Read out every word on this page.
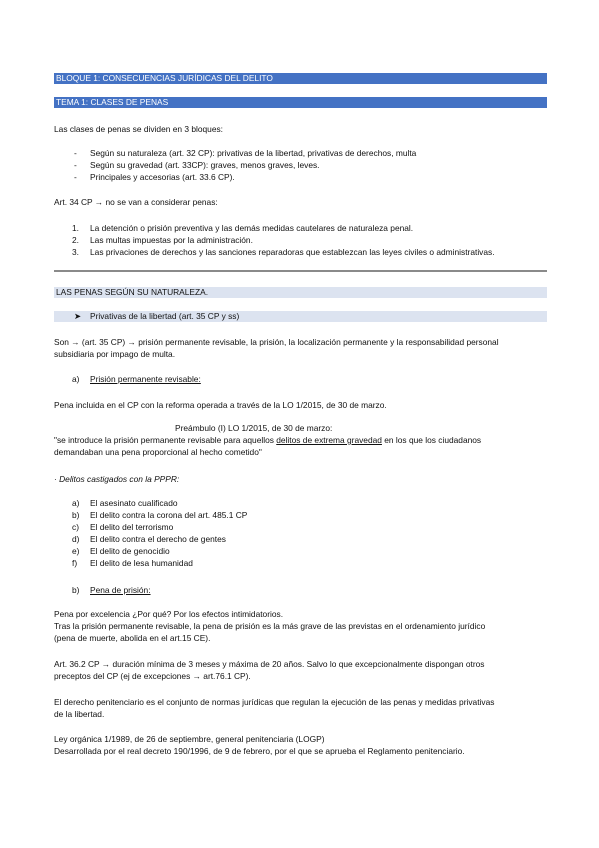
BLOQUE 1: CONSECUENCIAS JURÍDICAS DEL DELITO
TEMA 1: CLASES DE PENAS
Las clases de penas se dividen en 3 bloques:
- Según su naturaleza (art. 32 CP): privativas de la libertad, privativas de derechos, multa
- Según su gravedad (art. 33CP): graves, menos graves, leves.
- Principales y accesorias (art. 33.6 CP).
Art. 34 CP → no se van a considerar penas:
1. La detención o prisión preventiva y las demás medidas cautelares de naturaleza penal.
2. Las multas impuestas por la administración.
3. Las privaciones de derechos y las sanciones reparadoras que establezcan las leyes civiles o administrativas.
LAS PENAS SEGÚN SU NATURALEZA.
➤ Privativas de la libertad (art. 35 CP y ss)
Son → (art. 35 CP) → prisión permanente revisable, la prisión, la localización permanente y la responsabilidad personal
subsidiaria por impago de multa.
a) Prisión permanente revisable:
Pena incluida en el CP con la reforma operada a través de la LO 1/2015, de 30 de marzo.
Preámbulo (I) LO 1/2015, de 30 de marzo:
"se introduce la prisión permanente revisable para aquellos delitos de extrema gravedad en los que los ciudadanos
demandaban una pena proporcional al hecho cometido"
· Delitos castigados con la PPPR:
a) El asesinato cualificado
b) El delito contra la corona del art. 485.1 CP
c) El delito del terrorismo
d) El delito contra el derecho de gentes
e) El delito de genocidio
f) El delito de lesa humanidad
b) Pena de prisión:
Pena por excelencia ¿Por qué? Por los efectos intimidatorios.
Tras la prisión permanente revisable, la pena de prisión es la más grave de las previstas en el ordenamiento jurídico
(pena de muerte, abolida en el art.15 CE).
Art. 36.2 CP → duración mínima de 3 meses y máxima de 20 años. Salvo lo que excepcionalmente dispongan otros
preceptos del CP (ej de excepciones → art.76.1 CP).
El derecho penitenciario es el conjunto de normas jurídicas que regulan la ejecución de las penas y medidas privativas
de la libertad.
Ley orgánica 1/1989, de 26 de septiembre, general penitenciaria (LOGP)
Desarrollada por el real decreto 190/1996, de 9 de febrero, por el que se aprueba el Reglamento penitenciario.
